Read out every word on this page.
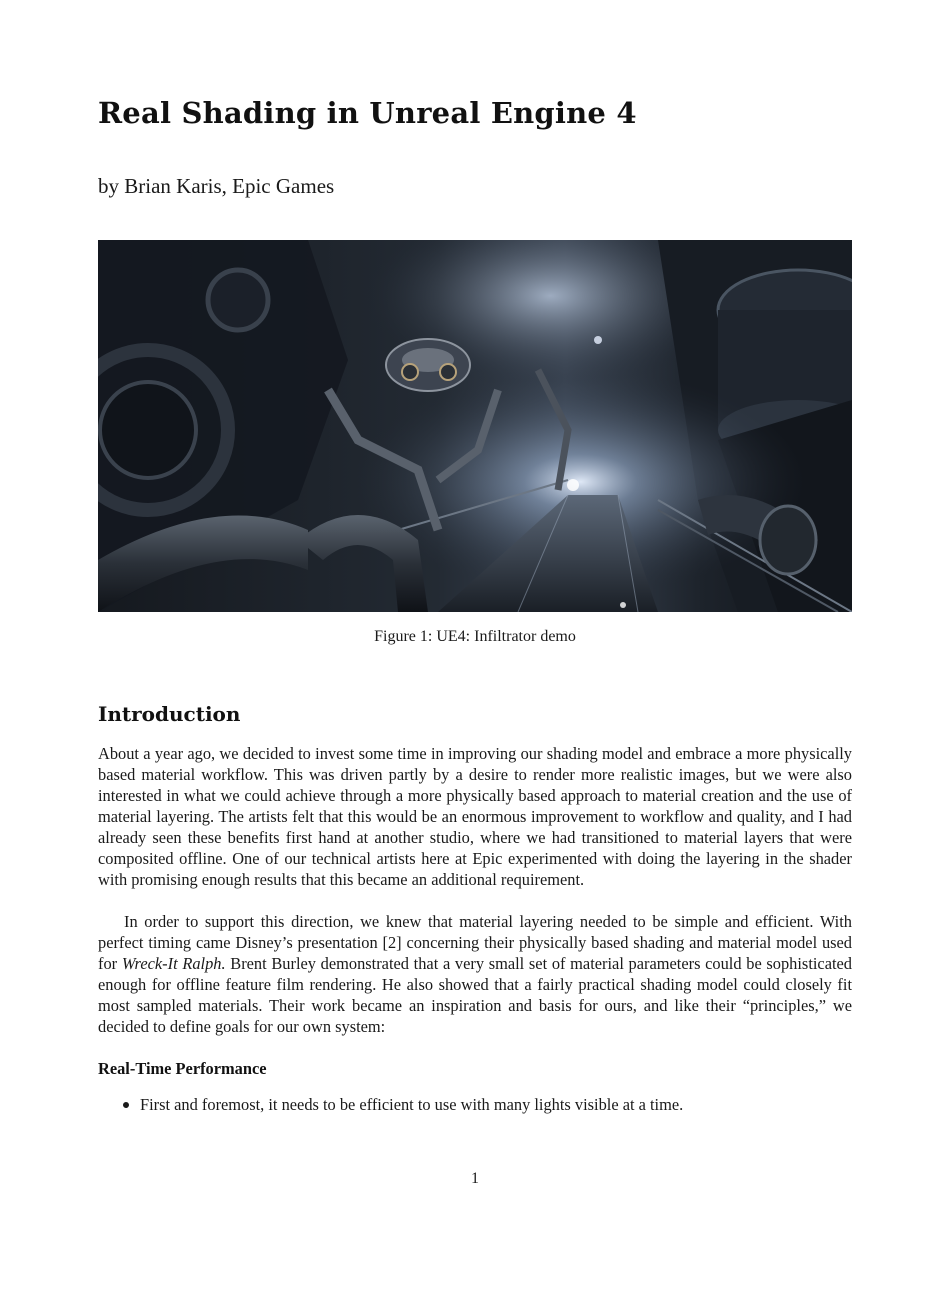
Real Shading in Unreal Engine 4

by Brian Karis, Epic Games

Figure 1: UE4: Infiltrator demo
Introduction

About a year ago, we decided to invest some time in improving our shading model and embrace a more physically based material workflow. This was driven partly by a desire to render more realistic images, but we were also interested in what we could achieve through a more physically based approach to material creation and the use of material layering. The artists felt that this would be an enormous improvement to workflow and quality, and I had already seen these benefits first hand at another studio, where we had transitioned to material layers that were composited offline. One of our technical artists here at Epic experimented with doing the layering in the shader with promising enough results that this became an additional requirement.

In order to support this direction, we knew that material layering needed to be simple and efficient. With perfect timing came Disney’s presentation [2] concerning their physically based shading and material model used for Wreck-It Ralph. Brent Burley demonstrated that a very small set of material parameters could be sophisticated enough for offline feature film rendering. He also showed that a fairly practical shading model could closely fit most sampled materials. Their work became an inspiration and basis for ours, and like their “principles,” we decided to define goals for our own system:

Real-Time Performance
First and foremost, it needs to be efficient to use with many lights visible at a time.
1
